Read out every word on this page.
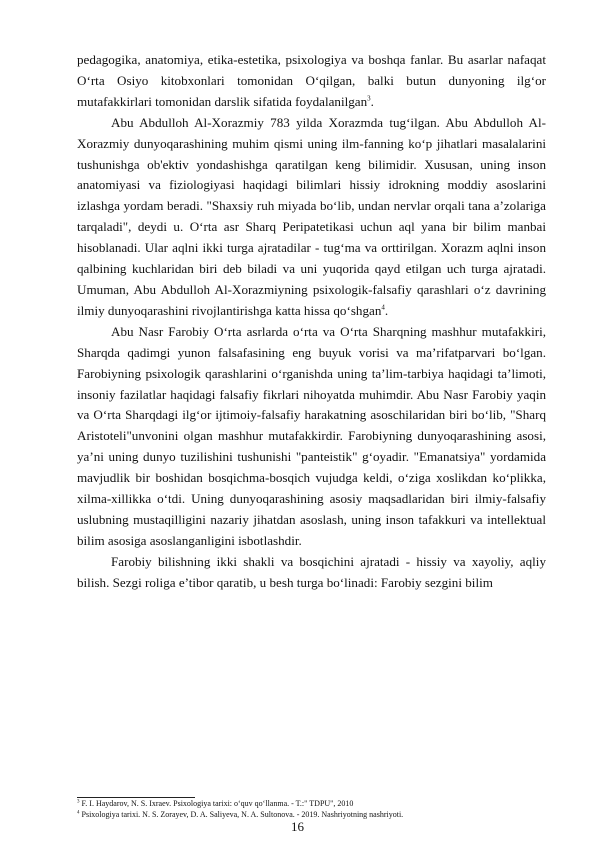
pedagogika, anatomiya, etika-estetika, psixologiya va boshqa fanlar. Bu asarlar nafaqat O‘rta Osiyo kitobxonlari tomonidan O‘qilgan, balki butun dunyoning ilg‘or mutafakkirlari tomonidan darslik sifatida foydalanilgan$^3$.

Abu Abdulloh Al-Xorazmiy 783 yilda Xorazmda tug‘ilgan. Abu Abdulloh Al-Xorazmiy dunyoqarashining muhim qismi uning ilm-fanning ko‘p jihatlari masalalarini tushunishga ob'ektiv yondashishga qaratilgan keng bilimidir. Xususan, uning inson anatomiyasi va fiziologiyasi haqidagi bilimlari hissiy idrokning moddiy asoslarini izlashga yordam beradi. "Shaxsiy ruh miyada bo‘lib, undan nervlar orqali tana a’zolariga tarqaladi", deydi u. O‘rta asr Sharq Peripatetikasi uchun aql yana bir bilim manbai hisoblanadi. Ular aqlni ikki turga ajratadilar - tug‘ma va orttirilgan. Xorazm aqlni inson qalbining kuchlaridan biri deb biladi va uni yuqorida qayd etilgan uch turga ajratadi. Umuman, Abu Abdulloh Al-Xorazmiyning psixologik-falsafiy qarashlari o‘z davrining ilmiy dunyoqarashini rivojlantirishga katta hissa qo‘shgan$^4$.

Abu Nasr Farobiy O‘rta asrlarda o‘rta va O‘rta Sharqning mashhur mutafakkiri, Sharqda qadimgi yunon falsafasining eng buyuk vorisi va ma’rifatparvari bo‘lgan. Farobiyning psixologik qarashlarini o‘rganishda uning ta’lim-tarbiya haqidagi ta’limoti, insoniy fazilatlar haqidagi falsafiy fikrlari nihoyatda muhimdir. Abu Nasr Farobiy yaqin va O‘rta Sharqdagi ilg‘or ijtimoiy-falsafiy harakatning asoschilaridan biri bo‘lib, "Sharq Aristoteli"unvonini olgan mashhur mutafakkirdir. Farobiyning dunyoqarashining asosi, ya’ni uning dunyo tuzilishini tushunishi "panteistik" g‘oyadir. "Emanatsiya" yordamida mavjudlik bir boshidan bosqichma-bosqich vujudga keldi, o‘ziga xoslikdan ko‘plikka, xilma-xillikka o‘tdi. Uning dunyoqarashining asosiy maqsadlaridan biri ilmiy-falsafiy uslubning mustaqilligini nazariy jihatdan asoslash, uning inson tafakkuri va intellektual bilim asosiga asoslanganligini isbotlashdir.

Farobiy bilishning ikki shakli va bosqichini ajratadi - hissiy va xayoliy, aqliy bilish. Sezgi roliga e’tibor qaratib, u besh turga bo‘linadi: Farobiy sezgini bilim

$^3$ F. I. Haydarov, N. S. Ixraev. Psixologiya tarixi: o‘quv qo‘llanma. - T.:" TDPU", 2010

$^4$ Psixologiya tarixi. N. S. Zorayev, D. A. Saliyeva, N. A. Sultonova. - 2019. Nashriyotning nashriyoti.

16
